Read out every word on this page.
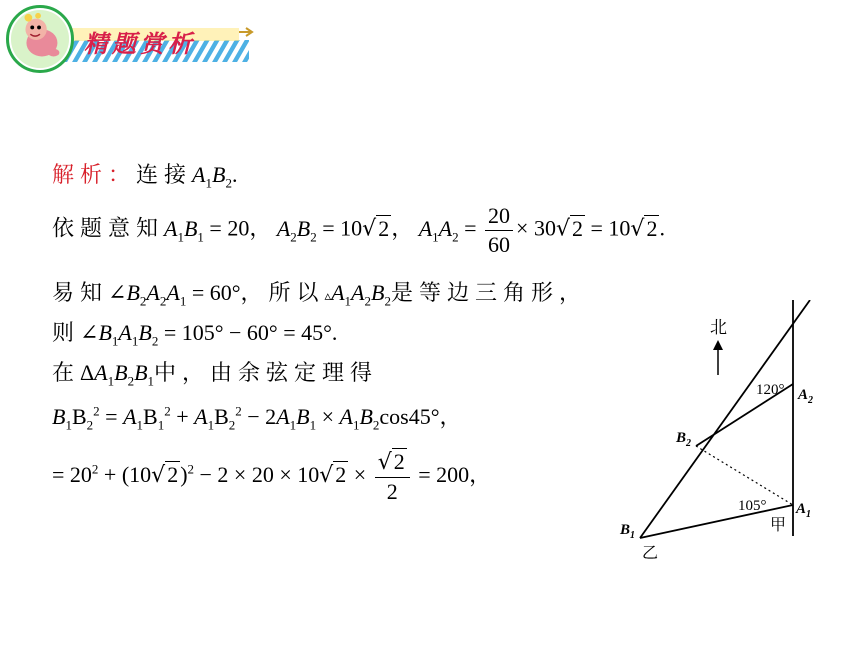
精题赏析
解析：连接$A_1B_2$.
依题意知$A_1B_1 = 20$， $A_2B_2 = 10√2$， $A_1A_2 = \frac{20}{60} \times 30√2 = 10√2$.
易知$\angle B_2A_2A_1 = 60^\circ$，所以$▵A_1A_2B_2$是等边三角形，
则$\angle B_1A_1B_2 = 105^\circ - 60^\circ = 45^\circ$.
在$\Delta A_1B_2B_1$中，由余弦定理得
$B_1B_2^2 = A_1B_1^2 + A_1B_2^2 - 2A_1B_1 \times A_1B_2\cos 45^\circ$，
= $20^2 + (10√2)^2 - 2 \times 20 \times 10√2 \times \frac{√2}{2} = 200$，
北
120°
105°
$A_2$
$A_1$
$B_2$
$B_1$
甲
乙
